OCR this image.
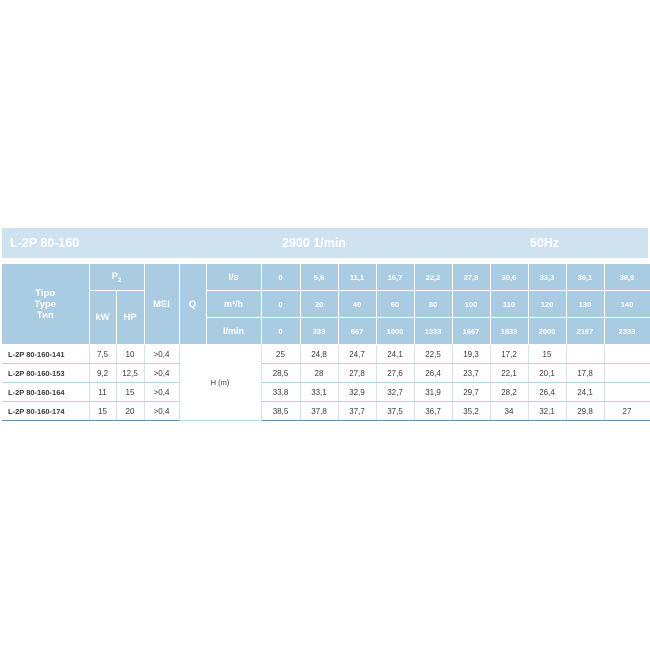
L-2P 80-160	2900 1/min	50Hz
Tipo
Type
Тип	$P_2$		MEI	Q	l/s	0	5,6	11,1	16,7	22,2	27,8	30,6	33,3	36,1	38,9
	kW	HP			m³/h	0	20	40	60	80	100	110	120	130	140
					l/min	0	333	667	1000	1333	1667	1833	2000	2167	2333
L-2P 80-160-141	7,5	10	>0,4	H (m)		25	24,8	24,7	24,1	22,5	19,3	17,2	15		
L-2P 80-160-153	9,2	12,5	>0,4			28,5	28	27,8	27,6	26,4	23,7	22,1	20,1	17,8	
L-2P 80-160-164	11	15	>0,4			33,8	33,1	32,9	32,7	31,9	29,7	28,2	26,4	24,1	
L-2P 80-160-174	15	20	>0,4			38,5	37,8	37,7	37,5	36,7	35,2	34	32,1	29,8	27
